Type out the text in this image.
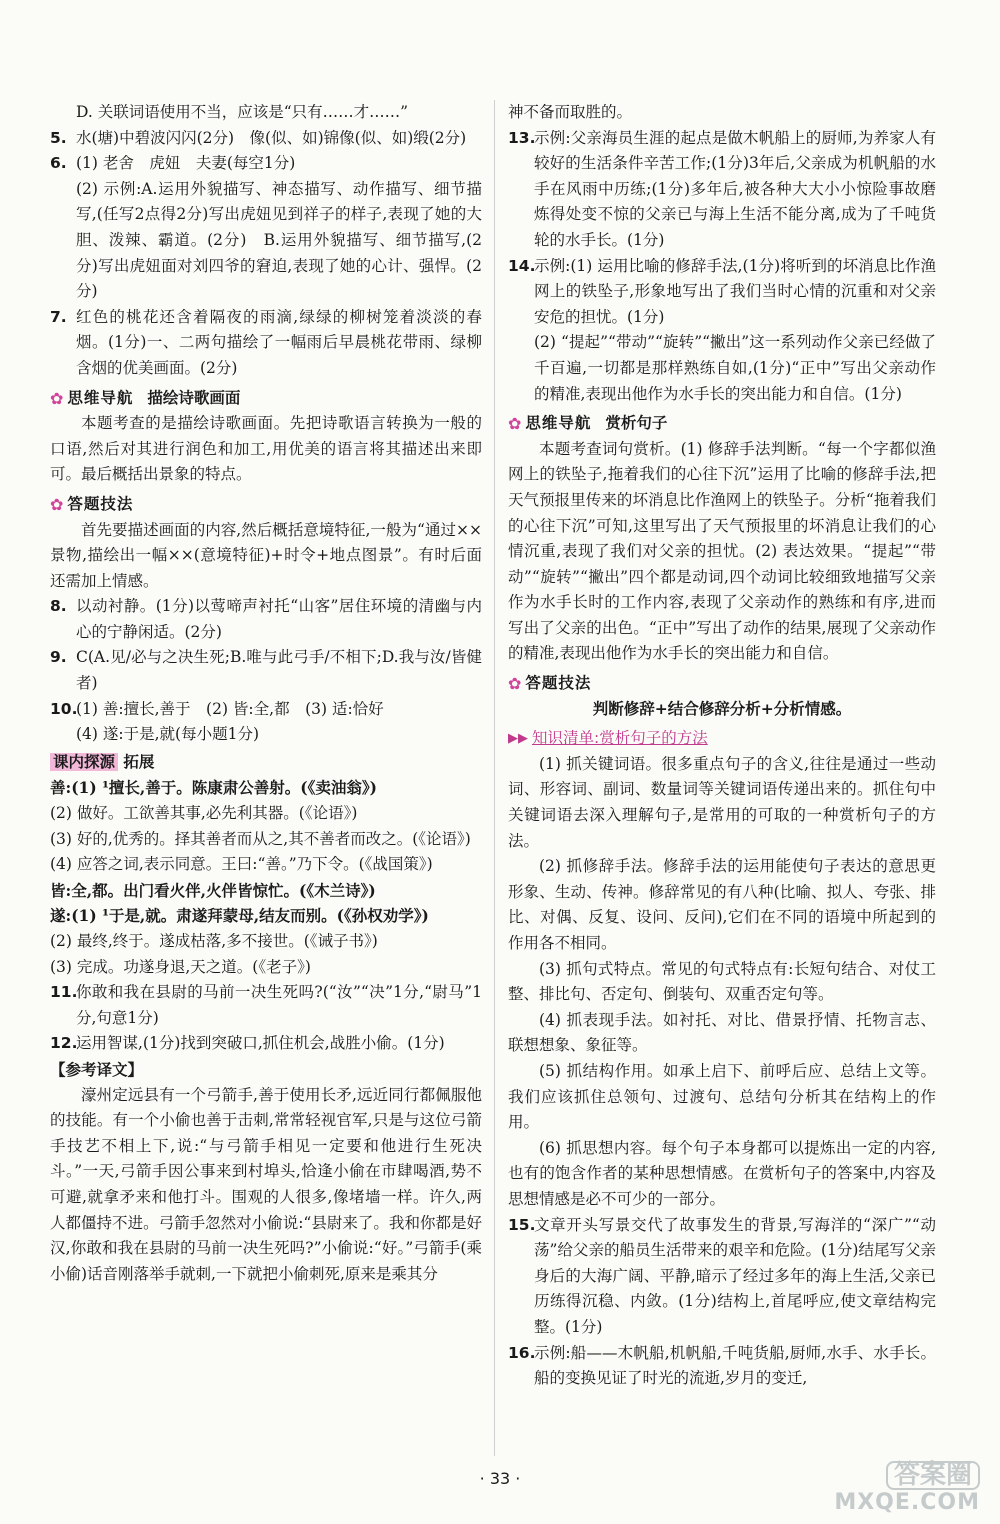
D. 关联词语使用不当，应该是“只有……才……”

5. 水(塘)中碧波闪闪(2分)　像(似、如)锦像(似、如)缎(2分)

6. (1) 老舍　虎妞　夫妻(每空1分)

(2) 示例:A.运用外貌描写、神态描写、动作描写、细节描写,(任写2点得2分)写出虎妞见到祥子的样子,表现了她的大胆、泼辣、霸道。(2分)　B.运用外貌描写、细节描写,(2分)写出虎妞面对刘四爷的窘迫,表现了她的心计、强悍。(2分)

7. 红色的桃花还含着隔夜的雨滴,绿绿的柳树笼着淡淡的春烟。(1分)一、二两句描绘了一幅雨后早晨桃花带雨、绿柳含烟的优美画面。(2分)

✿ 思维导航 描绘诗歌画面

本题考查的是描绘诗歌画面。先把诗歌语言转换为一般的口语,然后对其进行润色和加工,用优美的语言将其描述出来即可。最后概括出景象的特点。

✿ 答题技法

首先要描述画面的内容,然后概括意境特征,一般为“通过××景物,描绘出一幅××(意境特征)+时令+地点图景”。有时后面还需加上情感。

8. 以动衬静。(1分)以莺啼声衬托“山客”居住环境的清幽与内心的宁静闲适。(2分)

9. C(A.见/必与之决生死;B.唯与此弓手/不相下;D.我与汝/皆健者)

10.

(1) 善:擅长,善于　(2) 皆:全,都　(3) 适:恰好

(4) 遂:于是,就(每小题1分)

课内探源 拓展

善:(1) ¹擅长,善于。陈康肃公善射。(《卖油翁》)

(2) 做好。工欲善其事,必先利其器。(《论语》)

(3) 好的,优秀的。择其善者而从之,其不善者而改之。(《论语》)

(4) 应答之词,表示同意。王曰:“善。”乃下令。(《战国策》)

皆:全,都。出门看火伴,火伴皆惊忙。(《木兰诗》)

遂:(1) ¹于是,就。肃遂拜蒙母,结友而别。(《孙权劝学》)

(2) 最终,终于。遂成枯落,多不接世。(《诫子书》)

(3) 完成。功遂身退,天之道。(《老子》)

11.

你敢和我在县尉的马前一决生死吗?(“汝”“决”1分,“尉马”1分,句意1分)

12.

运用智谋,(1分)找到突破口,抓住机会,战胜小偷。(1分)

【参考译文】

濠州定远县有一个弓箭手,善于使用长矛,远近同行都佩服他的技能。有一个小偷也善于击刺,常常轻视官军,只是与这位弓箭手技艺不相上下,说:“与弓箭手相见一定要和他进行生死决斗。”一天,弓箭手因公事来到村埠头,恰逢小偷在市肆喝酒,势不可避,就拿矛来和他打斗。围观的人很多,像堵墙一样。许久,两人都僵持不进。弓箭手忽然对小偷说:“县尉来了。我和你都是好汉,你敢和我在县尉的马前一决生死吗?”小偷说:“好。”弓箭手(乘小偷)话音刚落举手就刺,一下就把小偷刺死,原来是乘其分

神不备而取胜的。

13.

示例:父亲海员生涯的起点是做木帆船上的厨师,为养家人有较好的生活条件辛苦工作;(1分)3年后,父亲成为机帆船的水手在风雨中历练;(1分)多年后,被各种大大小小惊险事故磨炼得处变不惊的父亲已与海上生活不能分离,成为了千吨货轮的水手长。(1分)

14.

示例:(1) 运用比喻的修辞手法,(1分)将听到的坏消息比作渔网上的铁坠子,形象地写出了我们当时心情的沉重和对父亲安危的担忧。(1分)

(2) “提起”“带动”“旋转”“撇出”这一系列动作父亲已经做了千百遍,一切都是那样熟练自如,(1分)“正中”写出父亲动作的精准,表现出他作为水手长的突出能力和自信。(1分)

✿ 思维导航 赏析句子

本题考查词句赏析。(1) 修辞手法判断。“每一个字都似渔网上的铁坠子,拖着我们的心往下沉”运用了比喻的修辞手法,把天气预报里传来的坏消息比作渔网上的铁坠子。分析“拖着我们的心往下沉”可知,这里写出了天气预报里的坏消息让我们的心情沉重,表现了我们对父亲的担忧。(2) 表达效果。“提起”“带动”“旋转”“撇出”四个都是动词,四个动词比较细致地描写父亲作为水手长时的工作内容,表现了父亲动作的熟练和有序,进而写出了父亲的出色。“正中”写出了动作的结果,展现了父亲动作的精准,表现出他作为水手长的突出能力和自信。

✿ 答题技法

判断修辞+结合修辞分析+分析情感。

▶▶ 知识清单:赏析句子的方法

(1) 抓关键词语。很多重点句子的含义,往往是通过一些动词、形容词、副词、数量词等关键词语传递出来的。抓住句中关键词语去深入理解句子,是常用的可取的一种赏析句子的方法。

(2) 抓修辞手法。修辞手法的运用能使句子表达的意思更形象、生动、传神。修辞常见的有八种(比喻、拟人、夸张、排比、对偶、反复、设问、反问),它们在不同的语境中所起到的作用各不相同。

(3) 抓句式特点。常见的句式特点有:长短句结合、对仗工整、排比句、否定句、倒装句、双重否定句等。

(4) 抓表现手法。如衬托、对比、借景抒情、托物言志、联想想象、象征等。

(5) 抓结构作用。如承上启下、前呼后应、总结上文等。我们应该抓住总领句、过渡句、总结句分析其在结构上的作用。

(6) 抓思想内容。每个句子本身都可以提炼出一定的内容,也有的饱含作者的某种思想情感。在赏析句子的答案中,内容及思想情感是必不可少的一部分。

15.

文章开头写景交代了故事发生的背景,写海洋的“深广”“动荡”给父亲的船员生活带来的艰辛和危险。(1分)结尾写父亲身后的大海广阔、平静,暗示了经过多年的海上生活,父亲已历练得沉稳、内敛。(1分)结构上,首尾呼应,使文章结构完整。(1分)

16.

示例:船——木帆船,机帆船,千吨货船,厨师,水手、水手长。船的变换见证了时光的流逝,岁月的变迁,

· 33 ·	答案圈
MXQE.COM
